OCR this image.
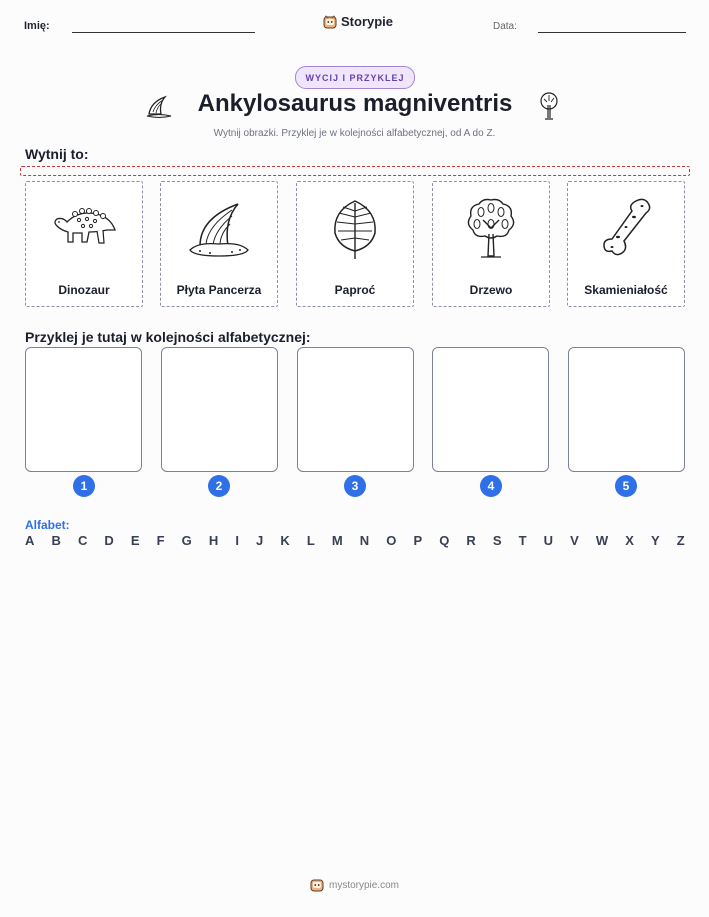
Imię:	Storypie	Data:
WYCIJ I PRZYKLEJ
Ankylosaurus magniventris
Wytnij obrazki. Przyklej je w kolejności alfabetycznej, od A do Z.
Wytnij to:
Dinozaur	Płyta Pancerza	Paproć	Drzewo	Skamieniałość
Przyklej je tutaj w kolejności alfabetycznej:
1	2	3	4	5
Alfabet:
A B C D E F G H I J K L M N O P Q R S T U V W X Y Z
mystorypie.com
